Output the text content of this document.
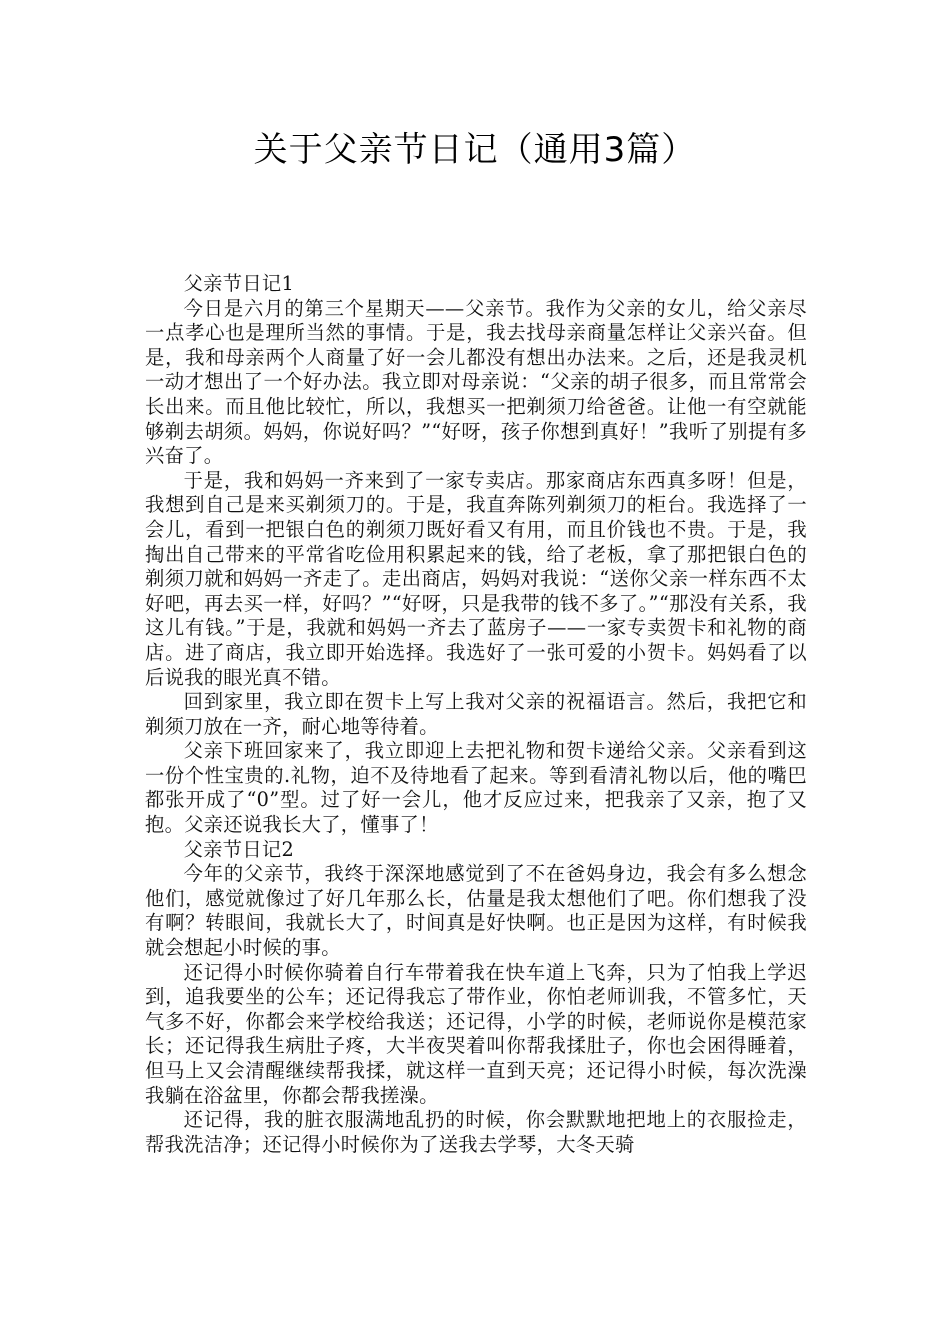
关于父亲节日记（通用3篇）

父亲节日记1

今日是六月的第三个星期天——父亲节。我作为父亲的女儿，给父亲尽一点孝心也是理所当然的事情。于是，我去找母亲商量怎样让父亲兴奋。但是，我和母亲两个人商量了好一会儿都没有想出办法来。之后，还是我灵机一动才想出了一个好办法。我立即对母亲说：“父亲的胡子很多，而且常常会长出来。而且他比较忙，所以，我想买一把剃须刀给爸爸。让他一有空就能够剃去胡须。妈妈，你说好吗？”“好呀，孩子你想到真好！”我听了别提有多兴奋了。

于是，我和妈妈一齐来到了一家专卖店。那家商店东西真多呀！但是，我想到自己是来买剃须刀的。于是，我直奔陈列剃须刀的柜台。我选择了一会儿，看到一把银白色的剃须刀既好看又有用，而且价钱也不贵。于是，我掏出自己带来的平常省吃俭用积累起来的钱，给了老板，拿了那把银白色的剃须刀就和妈妈一齐走了。走出商店，妈妈对我说：“送你父亲一样东西不太好吧，再去买一样，好吗？”“好呀，只是我带的钱不多了。”“那没有关系，我这儿有钱。”于是，我就和妈妈一齐去了蓝房子——一家专卖贺卡和礼物的商店。进了商店，我立即开始选择。我选好了一张可爱的小贺卡。妈妈看了以后说我的眼光真不错。

回到家里，我立即在贺卡上写上我对父亲的祝福语言。然后，我把它和剃须刀放在一齐，耐心地等待着。

父亲下班回家来了，我立即迎上去把礼物和贺卡递给父亲。父亲看到这一份个性宝贵的.礼物，迫不及待地看了起来。等到看清礼物以后，他的嘴巴都张开成了“0”型。过了好一会儿，他才反应过来，把我亲了又亲，抱了又抱。父亲还说我长大了，懂事了！

父亲节日记2

今年的父亲节，我终于深深地感觉到了不在爸妈身边，我会有多么想念他们，感觉就像过了好几年那么长，估量是我太想他们了吧。你们想我了没有啊？转眼间，我就长大了，时间真是好快啊。也正是因为这样，有时候我就会想起小时候的事。

还记得小时候你骑着自行车带着我在快车道上飞奔，只为了怕我上学迟到，追我要坐的公车；还记得我忘了带作业，你怕老师训我，不管多忙，天气多不好，你都会来学校给我送；还记得，小学的时候，老师说你是模范家长；还记得我生病肚子疼，大半夜哭着叫你帮我揉肚子，你也会困得睡着，但马上又会清醒继续帮我揉，就这样一直到天亮；还记得小时候，每次洗澡我躺在浴盆里，你都会帮我搓澡。

还记得，我的脏衣服满地乱扔的时候，你会默默地把地上的衣服捡走，帮我洗洁净；还记得小时候你为了送我去学琴，大冬天骑
